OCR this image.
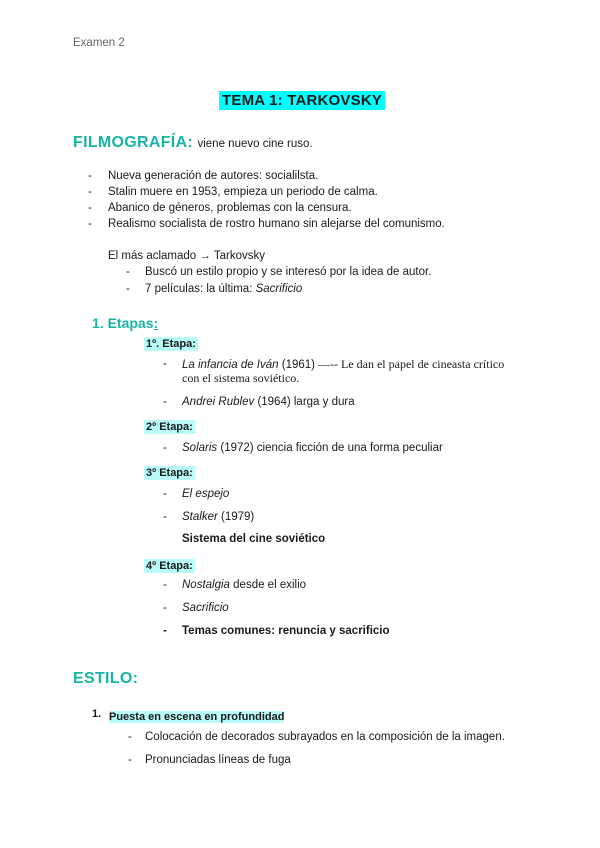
Examen 2
TEMA 1: TARKOVSKY
FILMOGRAFÍA: viene nuevo cine ruso.
- Nueva generación de autores: socialilsta.
- Stalin muere en 1953, empieza un periodo de calma.
- Abanico de géneros, problemas con la censura.
- Realismo socialista de rostro humano sin alejarse del comunismo.
El más aclamado → Tarkovsky
- Buscó un estilo propio y se interesó por la idea de autor.
- 7 películas: la última: Sacrificio
1. Etapas:
1º. Etapa:
- La infancia de Iván (1961) —-- Le dan el papel de cineasta crítico
con el sistema soviético.
- Andrei Rublev (1964) larga y dura
2º Etapa:
- Solaris (1972) ciencia ficción de una forma peculiar
3º Etapa:
- El espejo
- Stalker (1979)
Sistema del cine soviético
4º Etapa:
- Nostalgia desde el exilio
- Sacrificio
- Temas comunes: renuncia y sacrificio
ESTILO:
1. Puesta en escena en profundidad
- Colocación de decorados subrayados en la composición de la imagen.
- Pronunciadas líneas de fuga
